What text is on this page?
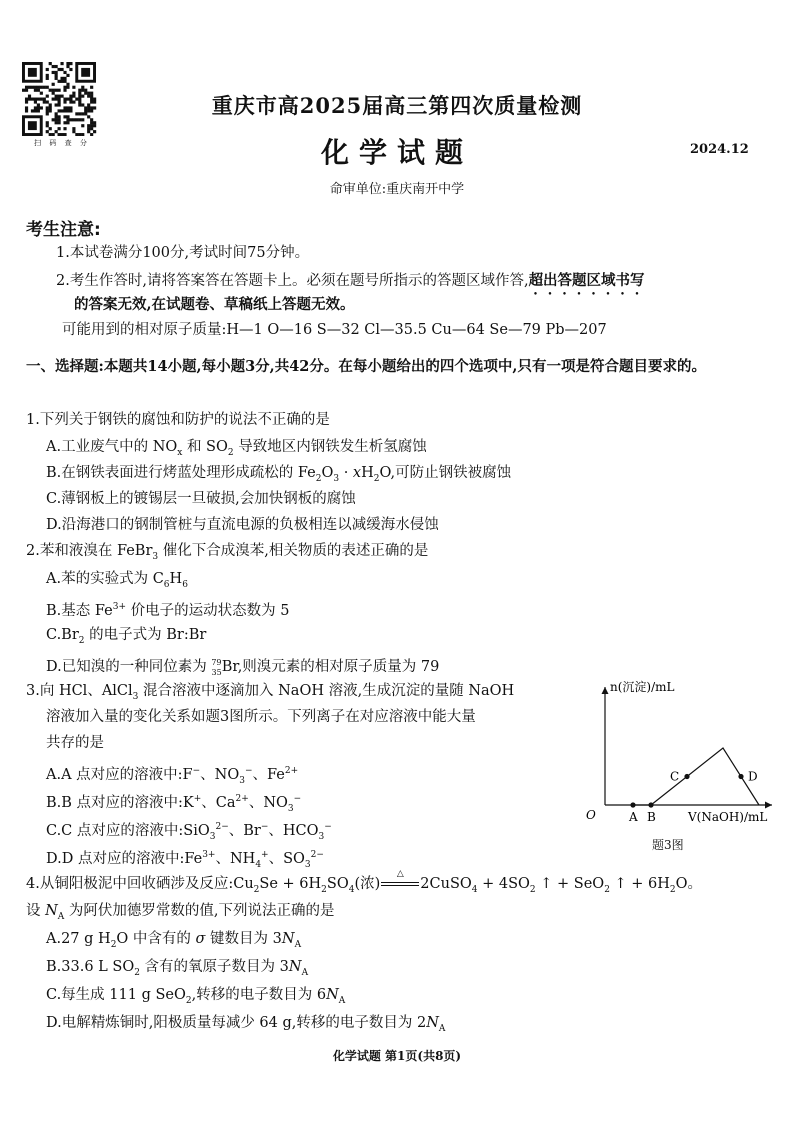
扫 码 查 分
重庆市高2025届高三第四次质量检测
化学试题	2024.12
命审单位:重庆南开中学
考生注意:
1.本试卷满分100分,考试时间75分钟。
2.考生作答时,请将答案答在答题卡上。必须在题号所指示的答题区域作答,超出答题区域书写
的答案无效,在试题卷、草稿纸上答题无效。
可能用到的相对原子质量:H—1 O—16 S—32 Cl—35.5 Cu—64 Se—79 Pb—207
一、选择题:本题共14小题,每小题3分,共42分。在每小题给出的四个选项中,只有一项是符合题目要求的。
1.下列关于钢铁的腐蚀和防护的说法不正确的是
A.工业废气中的 $NO_x$ 和 $SO_2$ 导致地区内钢铁发生析氢腐蚀
B.在钢铁表面进行烤蓝处理形成疏松的 $Fe_2O_3 \cdot xH_2O$,可防止钢铁被腐蚀
C.薄钢板上的镀锡层一旦破损,会加快钢板的腐蚀
D.沿海港口的钢制管桩与直流电源的负极相连以减缓海水侵蚀
2.苯和液溴在 FeBr$_3$ 催化下合成溴苯,相关物质的表述正确的是
A.苯的实验式为 $C_6H_6$
B.基态 $Fe^{3+}$ 价电子的运动状态数为 5
$C.Br_2$ 的电子式为 Br:Br
D.已知溴的一种同位素为 $^{79}_{35}$Br,则溴元素的相对原子质量为 79
3.向 HCl、AlCl$_3$ 混合溶液中逐滴加入 NaOH 溶液,生成沉淀的量随 NaOH
溶液加入量的变化关系如题3图所示。下列离子在对应溶液中能大量
共存的是
A.A 点对应的溶液中:F−、$NO_3^-$、$Fe^{2+}$
B.B 点对应的溶液中:K+、$Ca^{2+}$、$NO_3^-$
C.C 点对应的溶液中:SiO$_3^{2-}$、Br−、$HCO_3^-$
D.D 点对应的溶液中$:Fe^{3+}$、$NH_4^+$、$SO_3^{2-}$
n(沉淀)/mL
V(NaOH)/mL
O	A B
C	D
题3图
4.从铜阳极泥中回收硒涉及反应$:Cu_2Se + 6H_2SO_4$(浓)
△
2CuSO$_4$ + $4SO_2$ ↑ + SeO$_2$ ↑ + $6H_2O$。
设 $N_A$ 为阿伏加德罗常数的值,下列说法正确的是
A.27 g $H_2O$ 中含有的 σ 键数目为 $3N_A$
B.33.6 L $SO_2$ 含有的氧原子数目为 $3N_A$
C.每生成 111 g SeO$_2$,转移的电子数目为 $6N_A$
D.电解精炼铜时,阳极质量每减少 64 g,转移的电子数目为 $2N_A$
化学试题 第1页(共8页)
